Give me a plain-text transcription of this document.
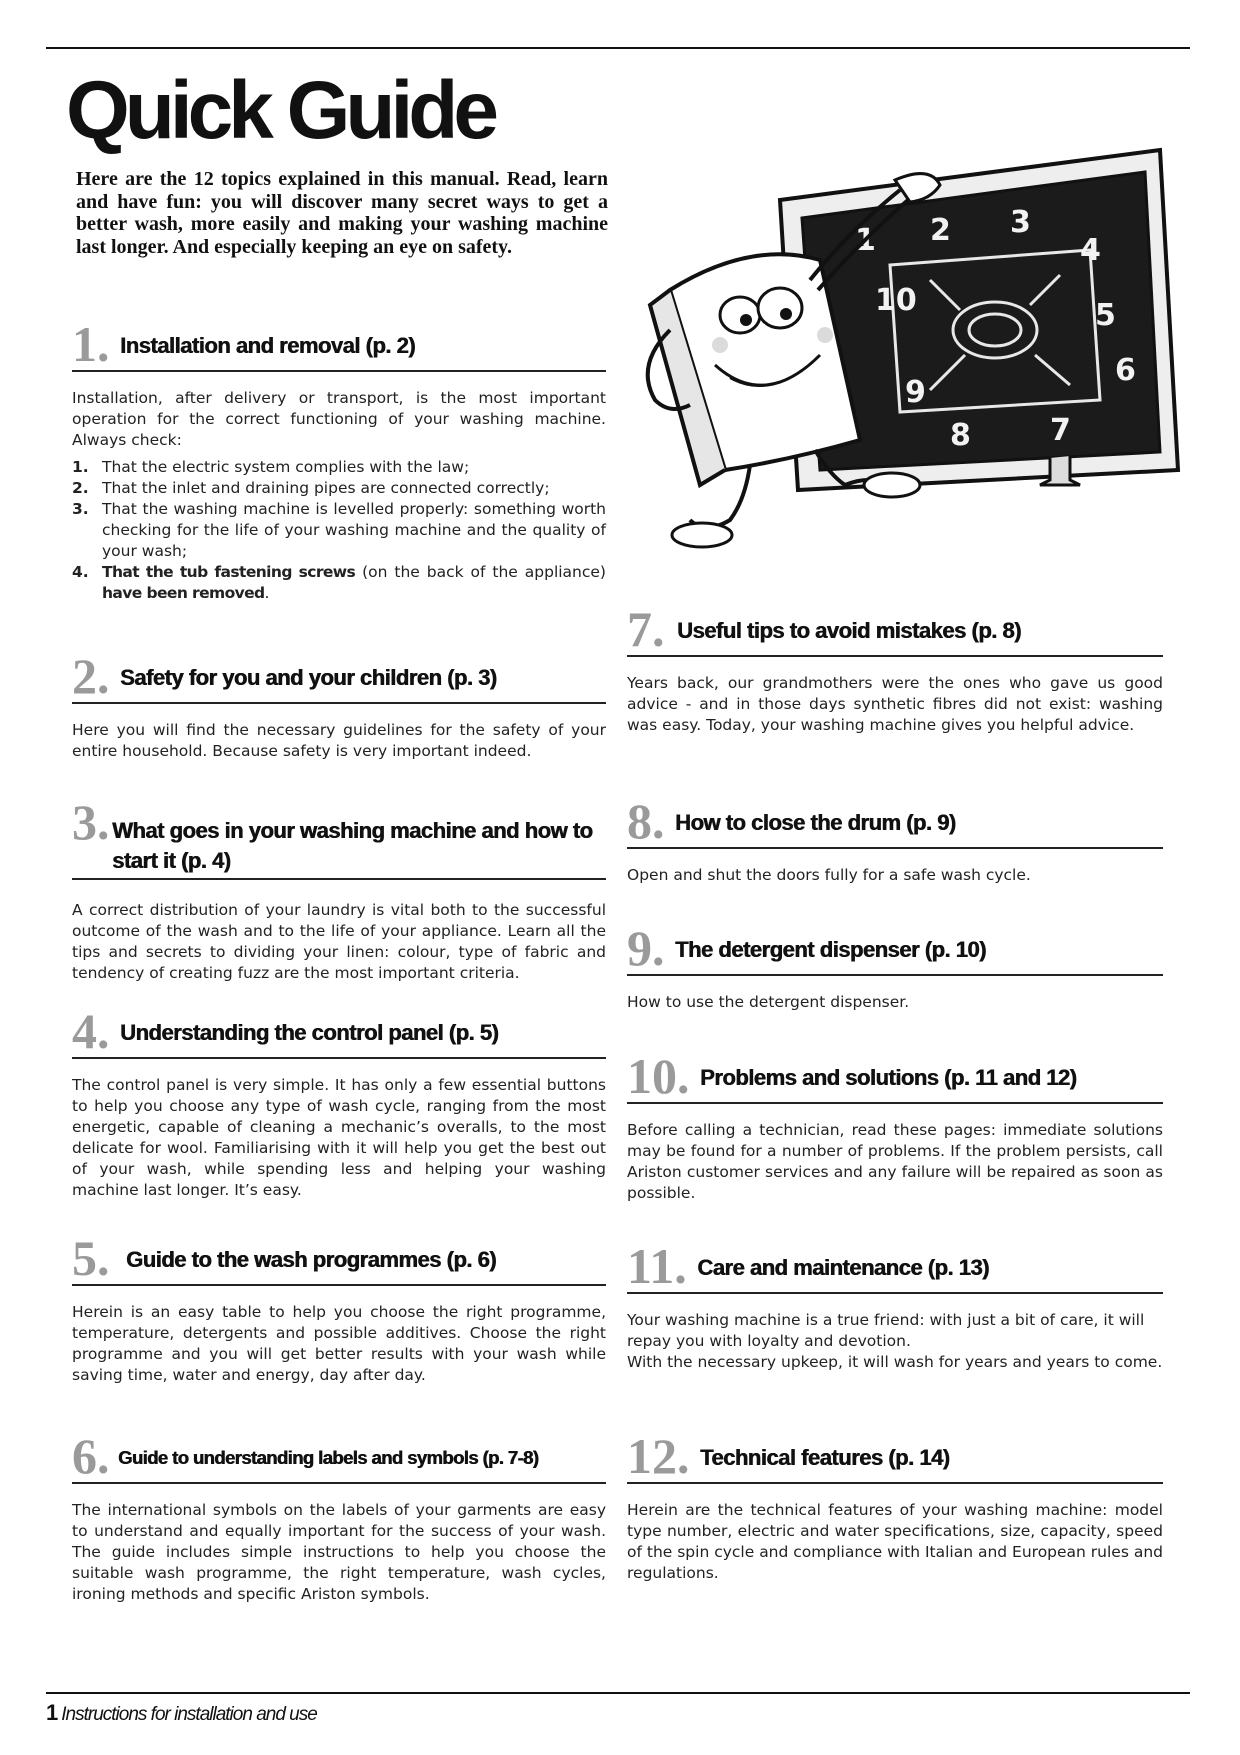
Quick Guide
Here are the 12 topics explained in this manual. Read, learn and have fun: you will discover many secret ways to get a better wash, more easily and making your washing machine last longer. And especially keeping an eye on safety.	1 2 3
4
5
6
7
8
9
10
1. Installation and removal (p. 2)

Installation, after delivery or transport, is the most important operation for the correct functioning of your washing machine. Always check:

1. That the electric system complies with the law;
2. That the inlet and draining pipes are connected correctly;
3. That the washing machine is levelled properly: something worth checking for the life of your washing machine and the quality of your wash;
4. That the tub fastening screws (on the back of the appliance) have been removed.
2. Safety for you and your children (p. 3)
Here you will find the necessary guidelines for the safety of your entire household. Because safety is very important indeed.
3. What goes in your washing machine and how to start it (p. 4)
A correct distribution of your laundry is vital both to the successful outcome of the wash and to the life of your appliance. Learn all the tips and secrets to dividing your linen: colour, type of fabric and tendency of creating fuzz are the most important criteria.
4. Understanding the control panel (p. 5)
The control panel is very simple. It has only a few essential buttons to help you choose any type of wash cycle, ranging from the most energetic, capable of cleaning a mechanic’s overalls, to the most delicate for wool. Familiarising with it will help you get the best out of your wash, while spending less and helping your washing machine last longer. It’s easy.
5. Guide to the wash programmes (p. 6)
Herein is an easy table to help you choose the right programme, temperature, detergents and possible additives. Choose the right programme and you will get better results with your wash while saving time, water and energy, day after day.
6. Guide to understanding labels and symbols (p. 7-8)
The international symbols on the labels of your garments are easy to understand and equally important for the success of your wash. The guide includes simple instructions to help you choose the suitable wash programme, the right temperature, wash cycles, ironing methods and specific Ariston symbols.
7. Useful tips to avoid mistakes (p. 8)
Years back, our grandmothers were the ones who gave us good advice - and in those days synthetic fibres did not exist: washing was easy. Today, your washing machine gives you helpful advice.
8. How to close the drum (p. 9)
Open and shut the doors fully for a safe wash cycle.
9. The detergent dispenser (p. 10)
How to use the detergent dispenser.
10. Problems and solutions (p. 11 and 12)
Before calling a technician, read these pages: immediate solutions may be found for a number of problems. If the problem persists, call Ariston customer services and any failure will be repaired as soon as possible.
11. Care and maintenance (p. 13)

Your washing machine is a true friend: with just a bit of care, it will repay you with loyalty and devotion.

With the necessary upkeep, it will wash for years and years to come.

12. Technical features (p. 14)
Herein are the technical features of your washing machine: model type number, electric and water specifications, size, capacity, speed of the spin cycle and compliance with Italian and European rules and regulations.
1 Instructions for installation and use
